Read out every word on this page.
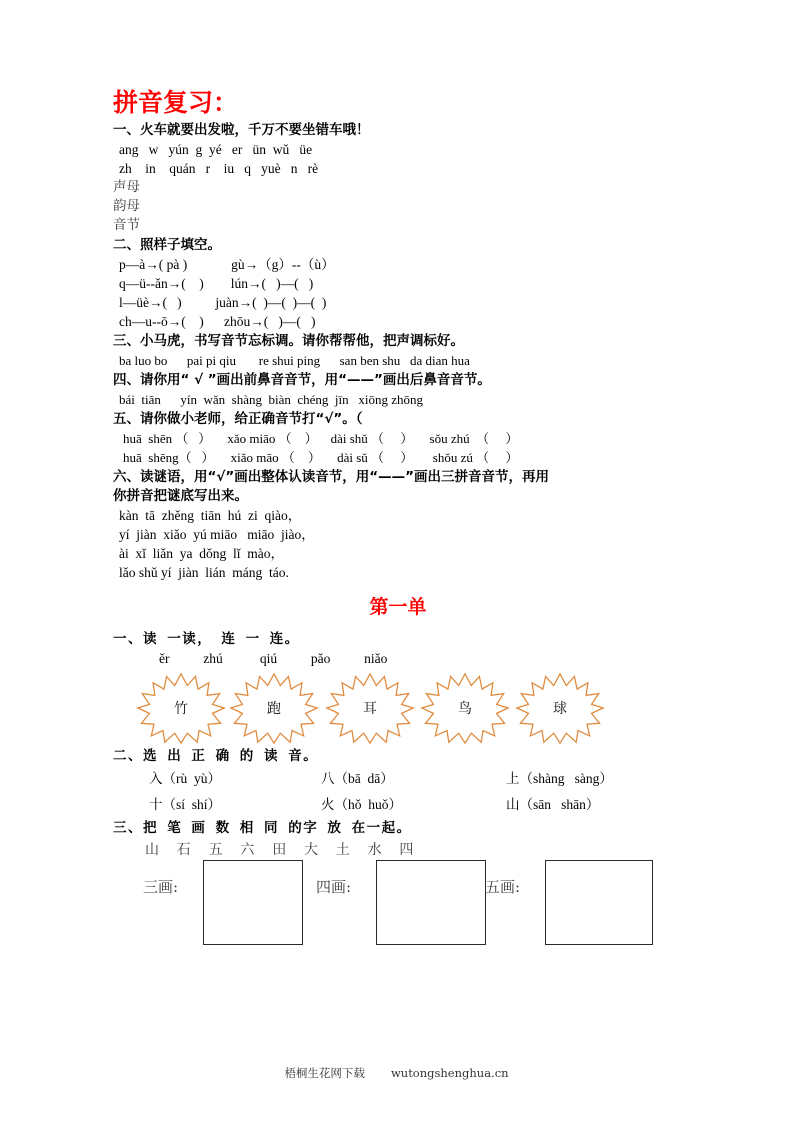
拼音复习：
一、火车就要出发啦，千万不要坐错车哦！
ang   w   yún  g  yé   er   ün  wǔ   üe
zh    in    quán   r    iu   q   yuè   n   rè
声母
韵母
音节
二、照样子填空。
p—à→( pà )             gù→（g）--（ù）
q—ü--ǎn→(    )        lún→(   )—(   )
l—üè→(   )          juàn→(  )—(  )—(  )
ch—u--ō→(    )      zhōu→(   )—(   )
三、小马虎，书写音节忘标调。请你帮帮他，把声调标好。
ba luo bo      pai pi qiu       re shui ping      san ben shu   da dian hua
四、请你用“ √ ”画出前鼻音音节，用“——”画出后鼻音音节。
bái  tiān      yín  wǎn  shàng  biàn  chéng  jīn   xiōng zhōng
五、请你做小老师，给正确音节打“√”。（
huā  shēn （   ）     xǎo miāo （    ）    dài shǔ （     ）     sǒu zhú  （     ）
huā  shēng（   ）     xiǎo māo （    ）     dài sǔ （     ）      shǒu zú （     ）
六、读谜语，用“√”画出整体认读音节，用“——”画出三拼音音节，再用
你拼音把谜底写出来。
kàn  tā  zhěng  tiān  hú  zi  qiào，
yí  jiàn  xiǎo  yú miāo   miāo  jiào，
ài  xǐ  liǎn  ya  dǒng  lǐ  mào，
lǎo shǔ yí  jiàn  lián  máng  táo.
第一单
一、读 一读， 连 一 连。
ěr	zhú	qiú	pǎo	niǎo
竹	跑	耳	鸟	球
二、选 出 正 确 的 读 音。
入（rù  yù）	八（bā  dā）	上（shàng   sàng）
十（sí  shí）	火（hǒ  huǒ）	山（sān   shān）
三、把 笔 画 数 相 同 的字 放 在一起。
山    石    五    六    田    大    土    水    四
三画:	四画:	五画:
梧桐生花网下载 wutongshenghua.cn
